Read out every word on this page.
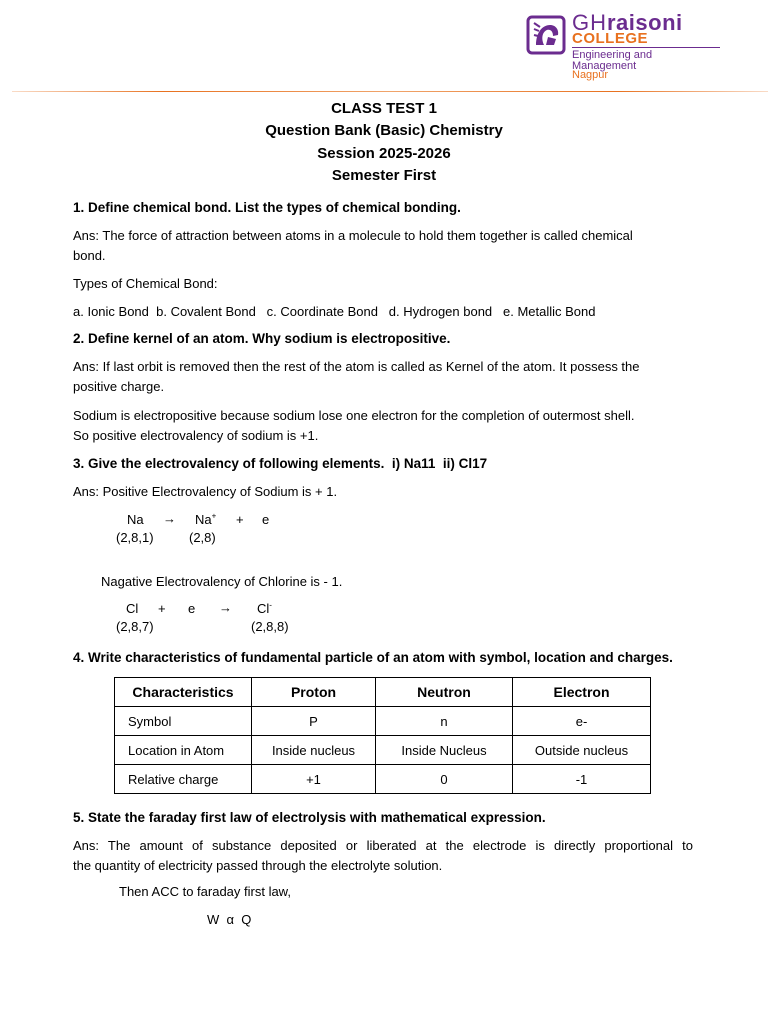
GHraisoni
COLLEGE
Engineering and
Management
Nagpur
CLASS TEST 1
Question Bank (Basic) Chemistry
Session 2025-2026
Semester First
1. Define chemical bond. List the types of chemical bonding.
Ans: The force of attraction between atoms in a molecule to hold them together is called chemical
bond.
Types of Chemical Bond:
a. Ionic Bond  b. Covalent Bond   c. Coordinate Bond   d. Hydrogen bond   e. Metallic Bond
2. Define kernel of an atom. Why sodium is electropositive.
Ans: If last orbit is removed then the rest of the atom is called as Kernel of the atom. It possess the
positive charge.
Sodium is electropositive because sodium lose one electron for the completion of outermost shell.
So positive electrovalency of sodium is +1.
3. Give the electrovalency of following elements.  i) Na11  ii) Cl17
Ans: Positive Electrovalency of Sodium is + 1.
Na → Na+ + e
(2,8,1)	(2,8)
Nagative Electrovalency of Chlorine is - 1.
Cl + e → Cl-
(2,8,7)	(2,8,8)
4. Write characteristics of fundamental particle of an atom with symbol, location and charges.
Characteristics	Proton	Neutron	Electron
Symbol	P	n	e-
Location in Atom	Inside nucleus	Inside Nucleus	Outside nucleus
Relative charge	+1	0	-1
5. State the faraday first law of electrolysis with mathematical expression.
Ans: The amount of substance deposited or liberated at the electrode is directly proportional to
the quantity of electricity passed through the electrolyte solution.
Then ACC to faraday first law,
W  α  Q
